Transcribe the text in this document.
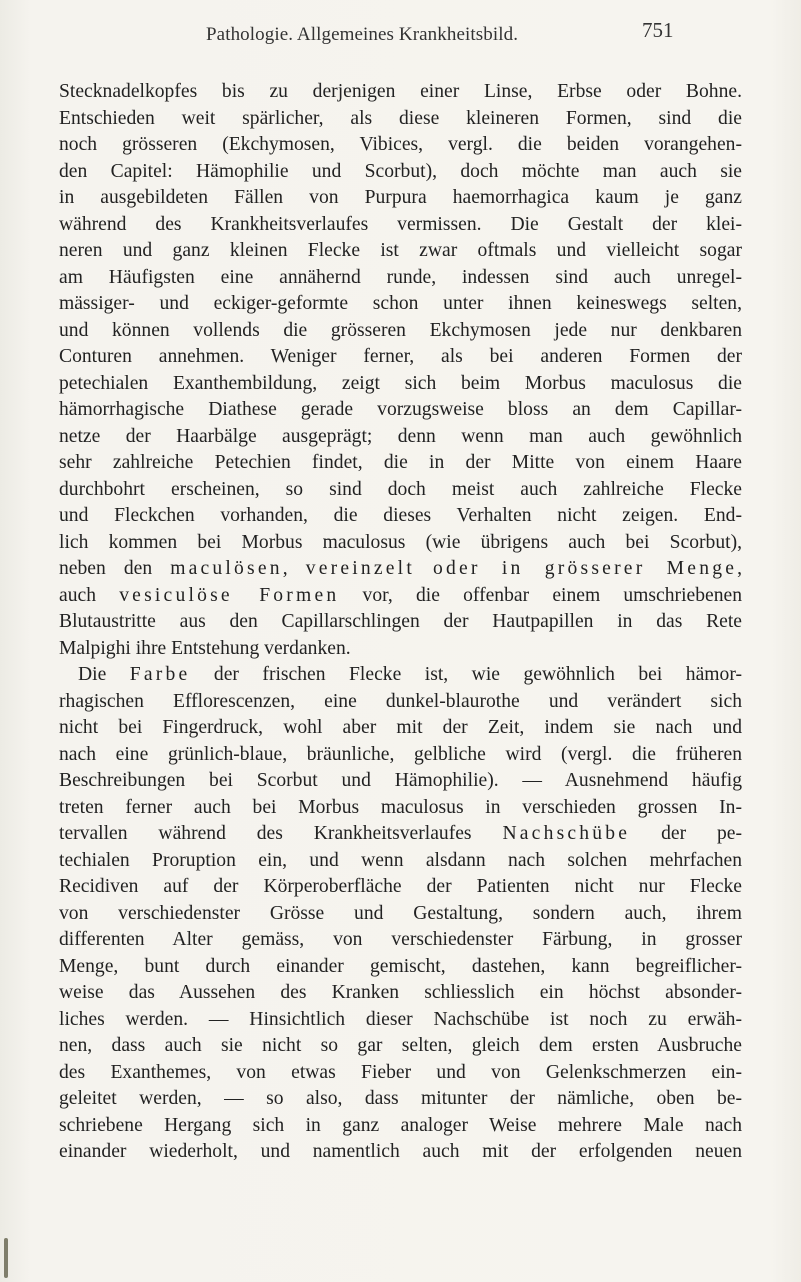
Pathologie. Allgemeines Krankheitsbild.	751
Stecknadelkopfes bis zu derjenigen einer Linse, Erbse oder Bohne.
Entschieden weit spärlicher, als diese kleineren Formen, sind die
noch grösseren (Ekchymosen, Vibices, vergl. die beiden vorangehen-
den Capitel: Hämophilie und Scorbut), doch möchte man auch sie
in ausgebildeten Fällen von Purpura haemorrhagica kaum je ganz
während des Krankheitsverlaufes vermissen. Die Gestalt der klei-
neren und ganz kleinen Flecke ist zwar oftmals und vielleicht sogar
am Häufigsten eine annähernd runde, indessen sind auch unregel-
mässiger- und eckiger-geformte schon unter ihnen keineswegs selten,
und können vollends die grösseren Ekchymosen jede nur denkbaren
Conturen annehmen. Weniger ferner, als bei anderen Formen der
petechialen Exanthembildung, zeigt sich beim Morbus maculosus die
hämorrhagische Diathese gerade vorzugsweise bloss an dem Capillar-
netze der Haarbälge ausgeprägt; denn wenn man auch gewöhnlich
sehr zahlreiche Petechien findet, die in der Mitte von einem Haare
durchbohrt erscheinen, so sind doch meist auch zahlreiche Flecke
und Fleckchen vorhanden, die dieses Verhalten nicht zeigen. End-
lich kommen bei Morbus maculosus (wie übrigens auch bei Scorbut),
neben den maculösen, vereinzelt oder in grösserer Menge,
auch vesiculöse Formen vor, die offenbar einem umschriebenen
Blutaustritte aus den Capillarschlingen der Hautpapillen in das Rete
Malpighi ihre Entstehung verdanken.
Die Farbe der frischen Flecke ist, wie gewöhnlich bei hämor-
rhagischen Efflorescenzen, eine dunkel-blaurothe und verändert sich
nicht bei Fingerdruck, wohl aber mit der Zeit, indem sie nach und
nach eine grünlich-blaue, bräunliche, gelbliche wird (vergl. die früheren
Beschreibungen bei Scorbut und Hämophilie). — Ausnehmend häufig
treten ferner auch bei Morbus maculosus in verschieden grossen In-
tervallen während des Krankheitsverlaufes Nachschübe der pe-
techialen Proruption ein, und wenn alsdann nach solchen mehrfachen
Recidiven auf der Körperoberfläche der Patienten nicht nur Flecke
von verschiedenster Grösse und Gestaltung, sondern auch, ihrem
differenten Alter gemäss, von verschiedenster Färbung, in grosser
Menge, bunt durch einander gemischt, dastehen, kann begreiflicher-
weise das Aussehen des Kranken schliesslich ein höchst absonder-
liches werden. — Hinsichtlich dieser Nachschübe ist noch zu erwäh-
nen, dass auch sie nicht so gar selten, gleich dem ersten Ausbruche
des Exanthemes, von etwas Fieber und von Gelenkschmerzen ein-
geleitet werden, — so also, dass mitunter der nämliche, oben be-
schriebene Hergang sich in ganz analoger Weise mehrere Male nach
einander wiederholt, und namentlich auch mit der erfolgenden neuen
